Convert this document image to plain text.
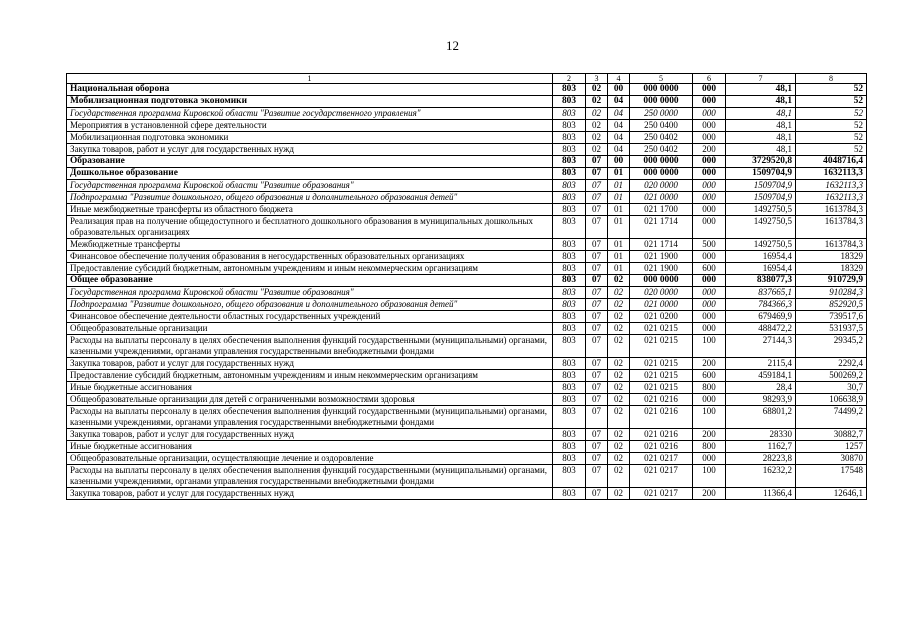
12
1	2	3	4	5	6	7	8
Национальная оборона	803	02	00	000 0000	000	48,1	52
Мобилизационная подготовка экономики	803	02	04	000 0000	000	48,1	52
Государственная программа Кировской области "Развитие государственного управления"	803	02	04	250 0000	000	48,1	52
Мероприятия в установленной сфере деятельности	803	02	04	250 0400	000	48,1	52
Мобилизационная подготовка экономики	803	02	04	250 0402	000	48,1	52
Закупка товаров, работ и услуг для государственных нужд	803	02	04	250 0402	200	48,1	52
Образование	803	07	00	000 0000	000	3729520,8	4048716,4
Дошкольное образование	803	07	01	000 0000	000	1509704,9	1632113,3
Государственная программа Кировской области "Развитие образования"	803	07	01	020 0000	000	1509704,9	1632113,3
Подпрограмма "Развитие дошкольного, общего образования и дополнительного образования детей"	803	07	01	021 0000	000	1509704,9	1632113,3
Иные межбюджетные трансферты из областного бюджета	803	07	01	021 1700	000	1492750,5	1613784,3
Реализация прав на получение общедоступного и бесплатного дошкольного образования в муниципальных дошкольных образовательных организациях	803	07	01	021 1714	000	1492750,5	1613784,3
Межбюджетные трансферты	803	07	01	021 1714	500	1492750,5	1613784,3
Финансовое обеспечение получения образования в негосударственных образовательных организациях	803	07	01	021 1900	000	16954,4	18329
Предоставление субсидий бюджетным, автономным учреждениям и иным некоммерческим организациям	803	07	01	021 1900	600	16954,4	18329
Общее образование	803	07	02	000 0000	000	838077,3	910729,9
Государственная программа Кировской области "Развитие образования"	803	07	02	020 0000	000	837665,1	910284,3
Подпрограмма "Развитие дошкольного, общего образования и дополнительного образования детей"	803	07	02	021 0000	000	784366,3	852920,5
Финансовое обеспечение деятельности областных государственных учреждений	803	07	02	021 0200	000	679469,9	739517,6
Общеобразовательные организации	803	07	02	021 0215	000	488472,2	531937,5
Расходы на выплаты персоналу в целях обеспечения выполнения функций государственными (муниципальными) органами, казенными учреждениями, органами управления государственными внебюджетными фондами	803	07	02	021 0215	100	27144,3	29345,2
Закупка товаров, работ и услуг для государственных нужд	803	07	02	021 0215	200	2115,4	2292,4
Предоставление субсидий бюджетным, автономным учреждениям и иным некоммерческим организациям	803	07	02	021 0215	600	459184,1	500269,2
Иные бюджетные ассигнования	803	07	02	021 0215	800	28,4	30,7
Общеобразовательные организации для детей с ограниченными возможностями здоровья	803	07	02	021 0216	000	98293,9	106638,9
Расходы на выплаты персоналу в целях обеспечения выполнения функций государственными (муниципальными) органами, казенными учреждениями, органами управления государственными внебюджетными фондами	803	07	02	021 0216	100	68801,2	74499,2
Закупка товаров, работ и услуг для государственных нужд	803	07	02	021 0216	200	28330	30882,7
Иные бюджетные ассигнования	803	07	02	021 0216	800	1162,7	1257
Общеобразовательные организации, осуществляющие лечение и оздоровление	803	07	02	021 0217	000	28223,8	30870
Расходы на выплаты персоналу в целях обеспечения выполнения функций государственными (муниципальными) органами, казенными учреждениями, органами управления государственными внебюджетными фондами	803	07	02	021 0217	100	16232,2	17548
Закупка товаров, работ и услуг для государственных нужд	803	07	02	021 0217	200	11366,4	12646,1
